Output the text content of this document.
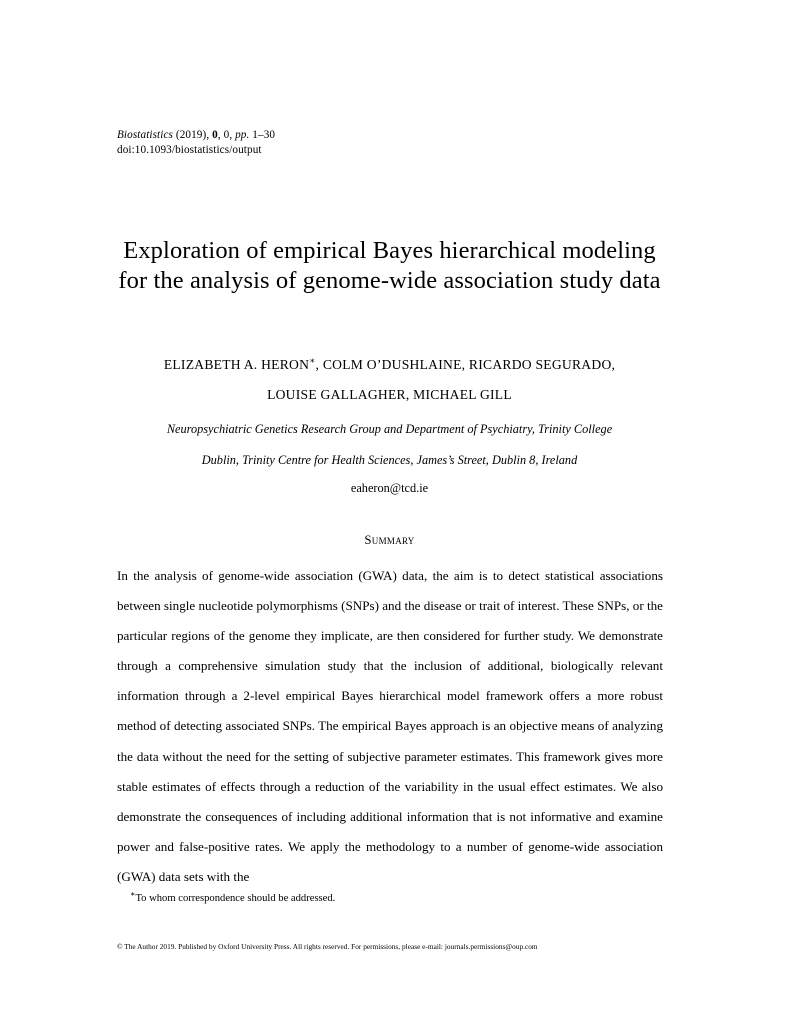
Biostatistics (2019), 0, 0, pp. 1–30
doi:10.1093/biostatistics/output
Exploration of empirical Bayes hierarchical modeling for the analysis of genome-wide association study data
ELIZABETH A. HERON∗, COLM O’DUSHLAINE, RICARDO SEGURADO,
LOUISE GALLAGHER, MICHAEL GILL
Neuropsychiatric Genetics Research Group and Department of Psychiatry, Trinity College
Dublin, Trinity Centre for Health Sciences, James’s Street, Dublin 8, Ireland
eaheron@tcd.ie
Summary

In the analysis of genome-wide association (GWA) data, the aim is to detect statistical associations between single nucleotide polymorphisms (SNPs) and the disease or trait of interest. These SNPs, or the particular regions of the genome they implicate, are then considered for further study. We demonstrate through a comprehensive simulation study that the inclusion of additional, biologically relevant information through a 2-level empirical Bayes hierarchical model framework offers a more robust method of detecting associated SNPs. The empirical Bayes approach is an objective means of analyzing the data without the need for the setting of subjective parameter estimates. This framework gives more stable estimates of effects through a reduction of the variability in the usual effect estimates. We also demonstrate the consequences of including additional information that is not informative and examine power and false-positive rates. We apply the methodology to a number of genome-wide association (GWA) data sets with the

∗To whom correspondence should be addressed.
© The Author 2019. Published by Oxford University Press. All rights reserved. For permissions, please e-mail: journals.permissions@oup.com
